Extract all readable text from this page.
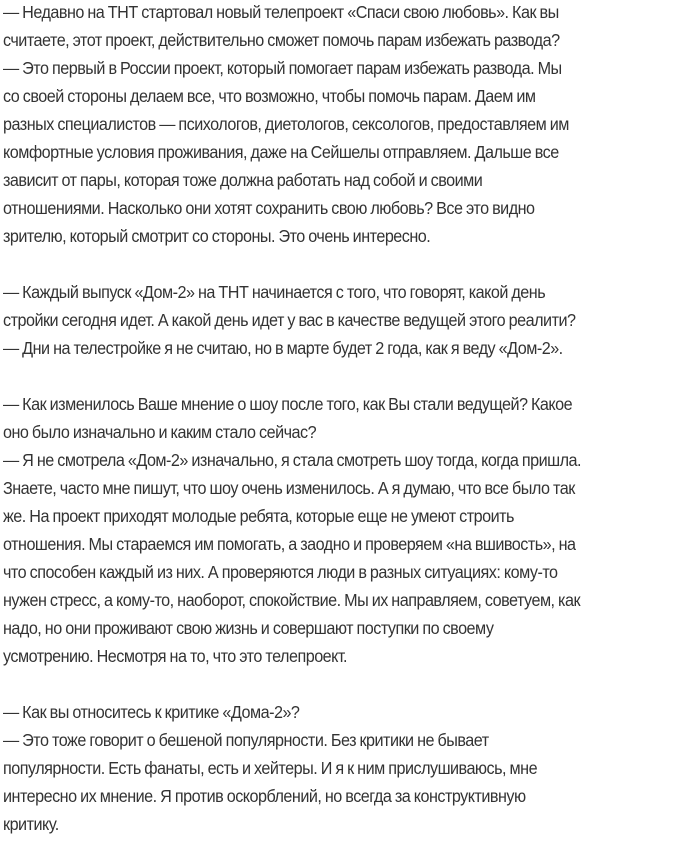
— Недавно на ТНТ стартовал новый телепроект «Спаси свою любовь». Как вы
считаете, этот проект, действительно сможет помочь парам избежать развода?
— Это первый в России проект, который помогает парам избежать развода. Мы
со своей стороны делаем все, что возможно, чтобы помочь парам. Даем им
разных специалистов — психологов, диетологов, сексологов, предоставляем им
комфортные условия проживания, даже на Сейшелы отправляем. Дальше все
зависит от пары, которая тоже должна работать над собой и своими
отношениями. Насколько они хотят сохранить свою любовь? Все это видно
зрителю, который смотрит со стороны. Это очень интересно.
— Каждый выпуск «Дом-2» на ТНТ начинается с того, что говорят, какой день
стройки сегодня идет. А какой день идет у вас в качестве ведущей этого реалити?
— Дни на телестройке я не считаю, но в марте будет 2 года, как я веду «Дом-2».
— Как изменилось Ваше мнение о шоу после того, как Вы стали ведущей? Какое
оно было изначально и каким стало сейчас?
— Я не смотрела «Дом-2» изначально, я стала смотреть шоу тогда, когда пришла.
Знаете, часто мне пишут, что шоу очень изменилось. А я думаю, что все было так
же. На проект приходят молодые ребята, которые еще не умеют строить
отношения. Мы стараемся им помогать, а заодно и проверяем «на вшивость», на
что способен каждый из них. А проверяются люди в разных ситуациях: кому-то
нужен стресс, а кому-то, наоборот, спокойствие. Мы их направляем, советуем, как
надо, но они проживают свою жизнь и совершают поступки по своему
усмотрению. Несмотря на то, что это телепроект.
— Как вы относитесь к критике «Дома-2»?
— Это тоже говорит о бешеной популярности. Без критики не бывает
популярности. Есть фанаты, есть и хейтеры. И я к ним прислушиваюсь, мне
интересно их мнение. Я против оскорблений, но всегда за конструктивную
критику.
